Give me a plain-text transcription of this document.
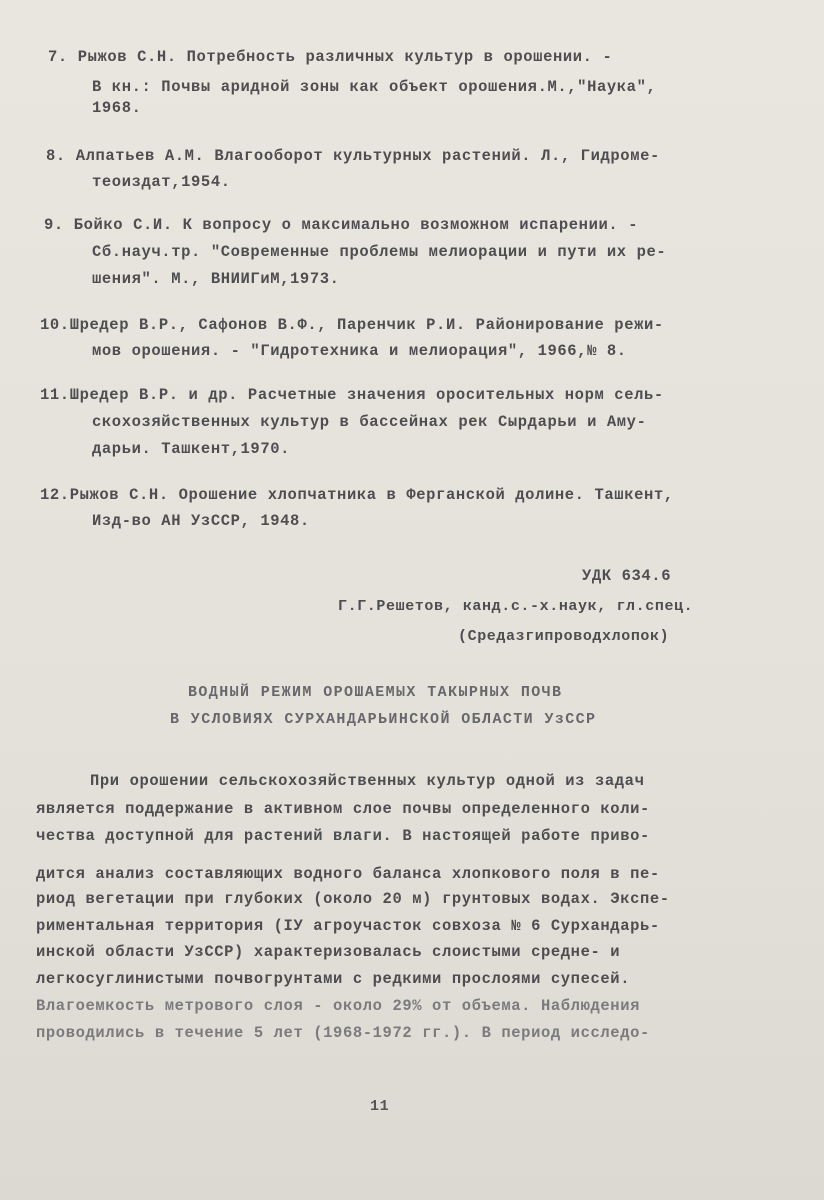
7. Рыжов С.Н. Потребность различных культур в орошении. -
В кн.: Почвы аридной зоны как объект орошения.М.,"Наука",
1968.
8. Алпатьев А.М. Влагооборот культурных растений. Л., Гидроме-
теоиздат,1954.
9. Бойко С.И. К вопросу о максимально возможном испарении. -
Сб.науч.тр. "Современные проблемы мелиорации и пути их ре-
шения". М., ВНИИГиМ,1973.
10.Шредер В.Р., Сафонов В.Ф., Паренчик Р.И. Районирование режи-
мов орошения. - "Гидротехника и мелиорация", 1966,№ 8.
11.Шредер В.Р. и др. Расчетные значения оросительных норм сель-
скохозяйственных культур в бассейнах рек Сырдарьи и Аму-
дарьи. Ташкент,1970.
12.Рыжов С.Н. Орошение хлопчатника в Ферганской долине. Ташкент,
Изд-во АН УзССР, 1948.
УДК 634.6
Г.Г.Решетов, канд.с.-х.наук, гл.спец.
(Средазгипроводхлопок)
ВОДНЫЙ РЕЖИМ ОРОШАЕМЫХ ТАКЫРНЫХ ПОЧВ
В УСЛОВИЯХ СУРХАНДАРЬИНСКОЙ ОБЛАСТИ УзССР
При орошении сельскохозяйственных культур одной из задач
является поддержание в активном слое почвы определенного коли-
чества доступной для растений влаги. В настоящей работе приво-
дится анализ составляющих водного баланса хлопкового поля в пе-
риод вегетации при глубоких (около 20 м) грунтовых водах. Экспе-
риментальная территория (IУ агроучасток совхоза № 6 Сурхандарь-
инской области УзССР) характеризовалась слоистыми средне- и
легкосуглинистыми почвогрунтами с редкими прослоями супесей.
Влагоемкость метрового слоя - около 29% от объема. Наблюдения
проводились в течение 5 лет (1968-1972 гг.). В период исследо-
11
